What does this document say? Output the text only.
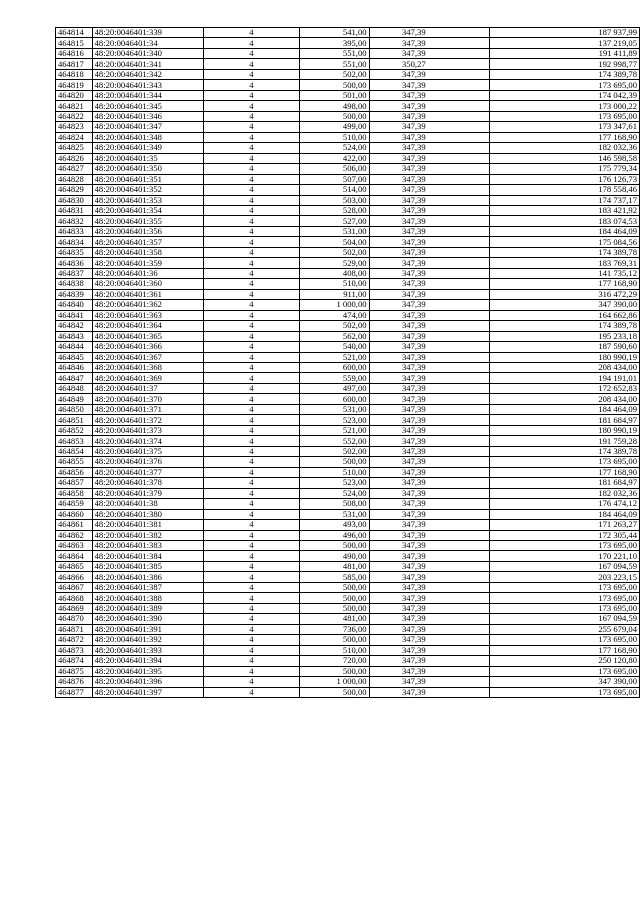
464814	48:20:0046401:339	4	541,00	347,39	187 937,99
464815	48:20:0046401:34	4	395,00	347,39	137 219,05
464816	48:20:0046401:340	4	551,00	347,39	191 411,89
464817	48:20:0046401:341	4	551,00	350,27	192 998,77
464818	48:20:0046401:342	4	502,00	347,39	174 389,78
464819	48:20:0046401:343	4	500,00	347,39	173 695,00
464820	48:20:0046401:344	4	501,00	347,39	174 042,39
464821	48:20:0046401:345	4	498,00	347,39	173 000,22
464822	48:20:0046401:346	4	500,00	347,39	173 695,00
464823	48:20:0046401:347	4	499,00	347,39	173 347,61
464824	48:20:0046401:348	4	510,00	347,39	177 168,90
464825	48:20:0046401:349	4	524,00	347,39	182 032,36
464826	48:20:0046401:35	4	422,00	347,39	146 598,58
464827	48:20:0046401:350	4	506,00	347,39	175 779,34
464828	48:20:0046401:351	4	507,00	347,39	176 126,73
464829	48:20:0046401:352	4	514,00	347,39	178 558,46
464830	48:20:0046401:353	4	503,00	347,39	174 737,17
464831	48:20:0046401:354	4	528,00	347,39	183 421,92
464832	48:20:0046401:355	4	527,00	347,39	183 074,53
464833	48:20:0046401:356	4	531,00	347,39	184 464,09
464834	48:20:0046401:357	4	504,00	347,39	175 084,56
464835	48:20:0046401:358	4	502,00	347,39	174 389,78
464836	48:20:0046401:359	4	529,00	347,39	183 769,31
464837	48:20:0046401:36	4	408,00	347,39	141 735,12
464838	48:20:0046401:360	4	510,00	347,39	177 168,90
464839	48:20:0046401:361	4	911,00	347,39	316 472,29
464840	48:20:0046401:362	4	1 000,00	347,39	347 390,00
464841	48:20:0046401:363	4	474,00	347,39	164 662,86
464842	48:20:0046401:364	4	502,00	347,39	174 389,78
464843	48:20:0046401:365	4	562,00	347,39	195 233,18
464844	48:20:0046401:366	4	540,00	347,39	187 590,60
464845	48:20:0046401:367	4	521,00	347,39	180 990,19
464846	48:20:0046401:368	4	600,00	347,39	208 434,00
464847	48:20:0046401:369	4	559,00	347,39	194 191,01
464848	48:20:0046401:37	4	497,00	347,39	172 652,83
464849	48:20:0046401:370	4	600,00	347,39	208 434,00
464850	48:20:0046401:371	4	531,00	347,39	184 464,09
464851	48:20:0046401:372	4	523,00	347,39	181 684,97
464852	48:20:0046401:373	4	521,00	347,39	180 990,19
464853	48:20:0046401:374	4	552,00	347,39	191 759,28
464854	48:20:0046401:375	4	502,00	347,39	174 389,78
464855	48:20:0046401:376	4	500,00	347,39	173 695,00
464856	48:20:0046401:377	4	510,00	347,39	177 168,90
464857	48:20:0046401:378	4	523,00	347,39	181 684,97
464858	48:20:0046401:379	4	524,00	347,39	182 032,36
464859	48:20:0046401:38	4	508,00	347,39	176 474,12
464860	48:20:0046401:380	4	531,00	347,39	184 464,09
464861	48:20:0046401:381	4	493,00	347,39	171 263,27
464862	48:20:0046401:382	4	496,00	347,39	172 305,44
464863	48:20:0046401:383	4	500,00	347,39	173 695,00
464864	48:20:0046401:384	4	490,00	347,39	170 221,10
464865	48:20:0046401:385	4	481,00	347,39	167 094,59
464866	48:20:0046401:386	4	585,00	347,39	203 223,15
464867	48:20:0046401:387	4	500,00	347,39	173 695,00
464868	48:20:0046401:388	4	500,00	347,39	173 695,00
464869	48:20:0046401:389	4	500,00	347,39	173 695,00
464870	48:20:0046401:390	4	481,00	347,39	167 094,59
464871	48:20:0046401:391	4	736,00	347,39	255 679,04
464872	48:20:0046401:392	4	500,00	347,39	173 695,00
464873	48:20:0046401:393	4	510,00	347,39	177 168,90
464874	48:20:0046401:394	4	720,00	347,39	250 120,80
464875	48:20:0046401:395	4	500,00	347,39	173 695,00
464876	48:20:0046401:396	4	1 000,00	347,39	347 390,00
464877	48:20:0046401:397	4	500,00	347,39	173 695,00
